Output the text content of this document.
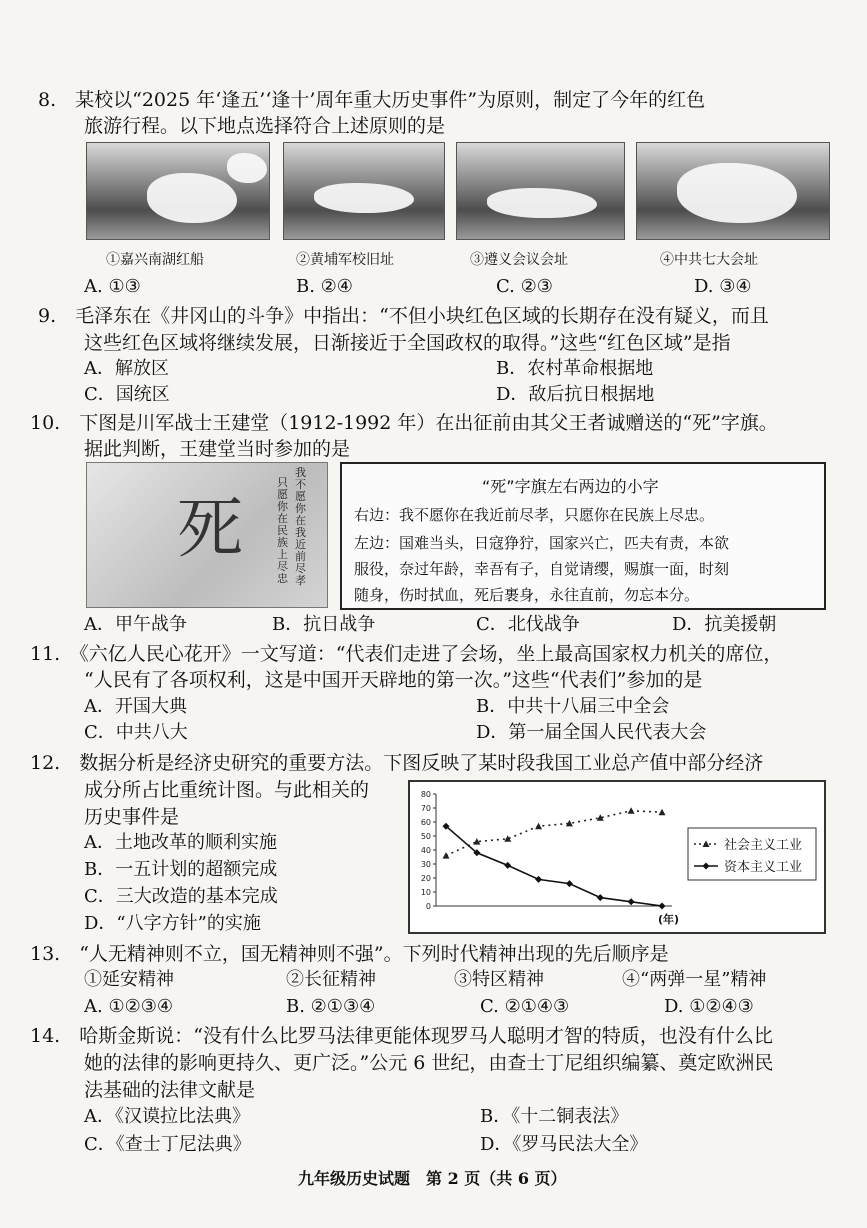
8.　某校以“2025 年‘逢五’‘逢十’周年重大历史事件”为原则，制定了今年的红色
旅游行程。以下地点选择符合上述原则的是
①嘉兴南湖红船	②黄埔军校旧址	③遵义会议会址	④中共七大会址
A. ①③	B. ②④	C. ②③	D. ③④
9.　毛泽东在《井冈山的斗争》中指出：“不但小块红色区域的长期存在没有疑义，而且
这些红色区域将继续发展，日渐接近于全国政权的取得。”这些“红色区域”是指
A．解放区	B．农村革命根据地
C．国统区	D．敌后抗日根据地
10.　下图是川军战士王建堂（1912-1992 年）在出征前由其父王者诚赠送的“死”字旗。
据此判断，王建堂当时参加的是
死
我不愿你在我近前尽孝
只愿你在民族上尽忠
“死”字旗左右两边的小字
右边：我不愿你在我近前尽孝，只愿你在民族上尽忠。
左边：国难当头，日寇狰狞，国家兴亡，匹夫有责，本欲
服役，奈过年龄，幸吾有子，自觉请缨，赐旗一面，时刻
随身，伤时拭血，死后裹身，永往直前，勿忘本分。
A．甲午战争	B．抗日战争	C．北伐战争	D．抗美援朝
11.　《六亿人民心花开》一文写道：“代表们走进了会场，坐上最高国家权力机关的席位，
“人民有了各项权利，这是中国开天辟地的第一次。”这些“代表们”参加的是
A．开国大典	B．中共十八届三中全会
C．中共八大	D．第一届全国人民代表大会
12.　数据分析是经济史研究的重要方法。下图反映了某时段我国工业总产值中部分经济
成分所占比重统计图。与此相关的
历史事件是
A．土地改革的顺利实施
B．一五计划的超额完成
C．三大改造的基本完成
D．“八字方针”的实施
0
10
20
30
40
50
60
70
80
(年)
社会主义工业
资本主义工业
13.　“人无精神则不立，国无精神则不强”。下列时代精神出现的先后顺序是
①延安精神	②长征精神	③特区精神	④“两弹一星”精神
A. ①②③④	B. ②①③④	C. ②①④③	D. ①②④③
14.　哈斯金斯说：“没有什么比罗马法律更能体现罗马人聪明才智的特质，也没有什么比
她的法律的影响更持久、更广泛。”公元 6 世纪，由查士丁尼组织编纂、奠定欧洲民
法基础的法律文献是
A．《汉谟拉比法典》	B．《十二铜表法》
C．《查士丁尼法典》	D．《罗马民法大全》
九年级历史试题　第 2 页（共 6 页）
